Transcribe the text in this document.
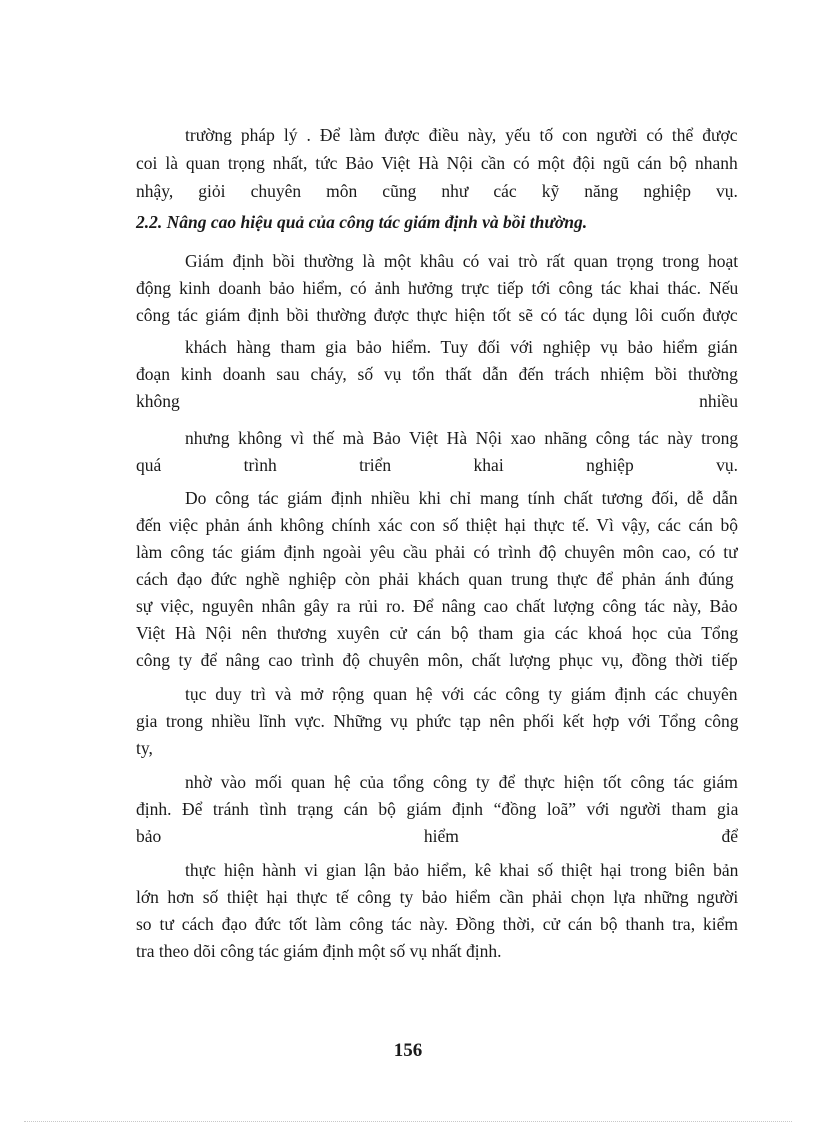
trường pháp lý . Để làm được điều này, yếu tố con người có thể được
coi là quan trọng nhất, tức Bảo Việt Hà Nội cần có một đội ngũ cán bộ nhanh
nhậy, giỏi chuyên môn cũng như các kỹ năng nghiệp vụ.
Giám định bồi thường là một khâu có vai trò rất quan trọng trong hoạt
động kinh doanh bảo hiểm, có ảnh hưởng trực tiếp tới công tác khai thác. Nếu
công tác giám định bồi thường được thực hiện tốt sẽ có tác dụng lôi cuốn được
khách hàng tham gia bảo hiểm. Tuy đối với nghiệp vụ bảo hiểm gián
đoạn kinh doanh sau cháy, số vụ tổn thất dẫn đến trách nhiệm bồi thường
không	nhiều
nhưng không vì thế mà Bảo Việt Hà Nội xao nhãng công tác này trong
quá	trình	triển	khai	nghiệp	vụ.
Do công tác giám định nhiều khi chỉ mang tính chất tương đối, dễ dẫn
đến việc phản ánh không chính xác con số thiệt hại thực tế. Vì vậy, các cán bộ
làm công tác giám định ngoài yêu cầu phải có trình độ chuyên môn cao, có tư
cách đạo đức nghề nghiệp còn phải khách quan trung thực để phản ánh đúng
sự việc, nguyên nhân gây ra rủi ro. Để nâng cao chất lượng công tác này, Bảo
Việt Hà Nội nên thương xuyên cử cán bộ tham gia các khoá học của Tổng
công ty để nâng cao trình độ chuyên môn, chất lượng phục vụ, đồng thời tiếp
tục duy trì và mở rộng quan hệ với các công ty giám định các chuyên
gia trong nhiều lĩnh vực. Những vụ phức tạp nên phối kết hợp với Tổng công
ty,
nhờ vào mối quan hệ của tổng công ty để thực hiện tốt công tác giám
định. Để tránh tình trạng cán bộ giám định “đồng loã” với người tham gia
bảo	hiểm	để
thực hiện hành vi gian lận bảo hiểm, kê khai số thiệt hại trong biên bản
lớn hơn số thiệt hại thực tế công ty bảo hiểm cần phải chọn lựa những người
so tư cách đạo đức tốt làm công tác này. Đồng thời, cử cán bộ thanh tra, kiểm
tra theo dõi công tác giám định một số vụ nhất định.
2.2. Nâng cao hiệu quả của công tác giám định và bồi thường.
156
